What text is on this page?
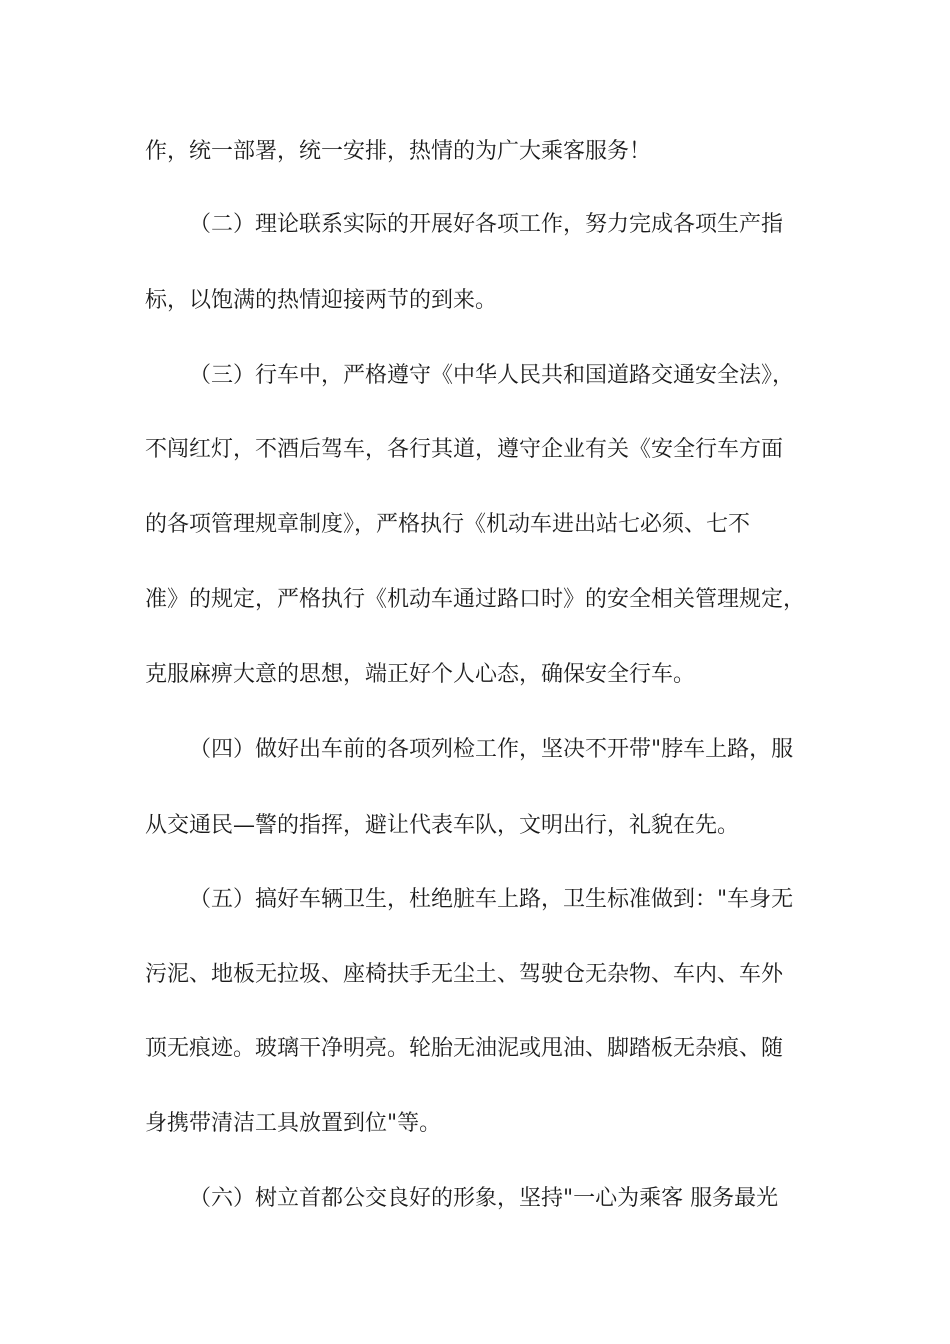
作，统一部署，统一安排，热情的为广大乘客服务！
（二）理论联系实际的开展好各项工作，努力完成各项生产指
标，以饱满的热情迎接两节的到来。
（三）行车中，严格遵守《中华人民共和国道路交通安全法》，
不闯红灯，不酒后驾车，各行其道，遵守企业有关《安全行车方面
的各项管理规章制度》，严格执行《机动车进出站七必须、七不
准》的规定，严格执行《机动车通过路口时》的安全相关管理规定，
克服麻痹大意的思想，端正好个人心态，确保安全行车。
（四）做好出车前的各项列检工作，坚决不开带"脖车上路，服
从交通民—警的指挥，避让代表车队，文明出行，礼貌在先。
（五）搞好车辆卫生，杜绝脏车上路，卫生标准做到："车身无
污泥、地板无拉圾、座椅扶手无尘土、驾驶仓无杂物、车内、车外
顶无痕迹。玻璃干净明亮。轮胎无油泥或甩油、脚踏板无杂痕、随
身携带清洁工具放置到位"等。
（六）树立首都公交良好的形象，坚持"一心为乘客 服务最光
